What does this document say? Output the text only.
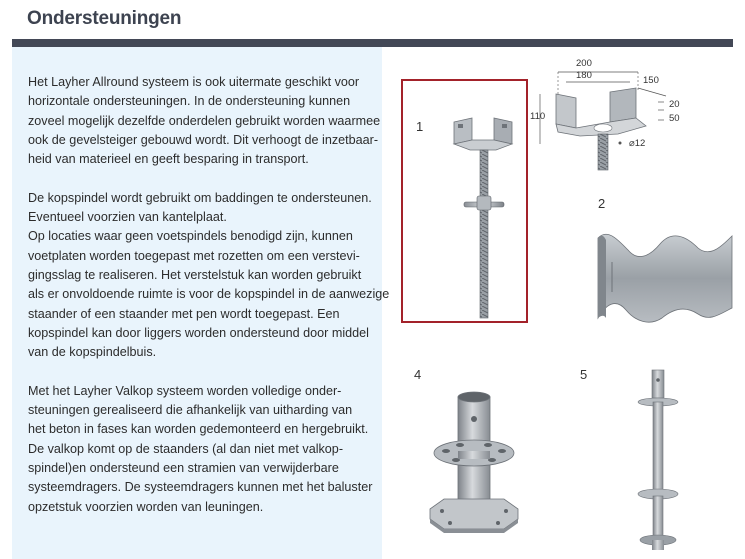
Ondersteuningen

Het Layher Allround systeem is ook uitermate geschikt voor
horizontale ondersteuningen. In de ondersteuning kunnen
zoveel mogelijk dezelfde onderdelen gebruikt worden waarmee
ook de gevelsteiger gebouwd wordt. Dit verhoogt de inzetbaar-
heid van materieel en geeft besparing in transport.

De kopspindel wordt gebruikt om baddingen te ondersteunen.
Eventueel voorzien van kantelplaat.
Op locaties waar geen voetspindels benodigd zijn, kunnen
voetplaten worden toegepast met rozetten om een verstevi-
gingsslag te realiseren. Het verstelstuk kan worden gebruikt
als er onvoldoende ruimte is voor de kopspindel in de aanwezige
staander of een staander met pen wordt toegepast. Een
kopspindel kan door liggers worden ondersteund door middel
van de kopspindelbuis.

Met het Layher Valkop systeem worden volledige onder-
steuningen gerealiseerd die afhankelijk van uitharding van
het beton in fases kan worden gedemonteerd en hergebruikt.
De valkop komt op de staanders (al dan niet met valkop-
spindel)en ondersteund een stramien van verwijderbare
systeemdragers. De systeemdragers kunnen met het baluster
opzetstuk voorzien worden van leuningen.

1
200
180	150
110
20
50
⌀12
2
4	5
